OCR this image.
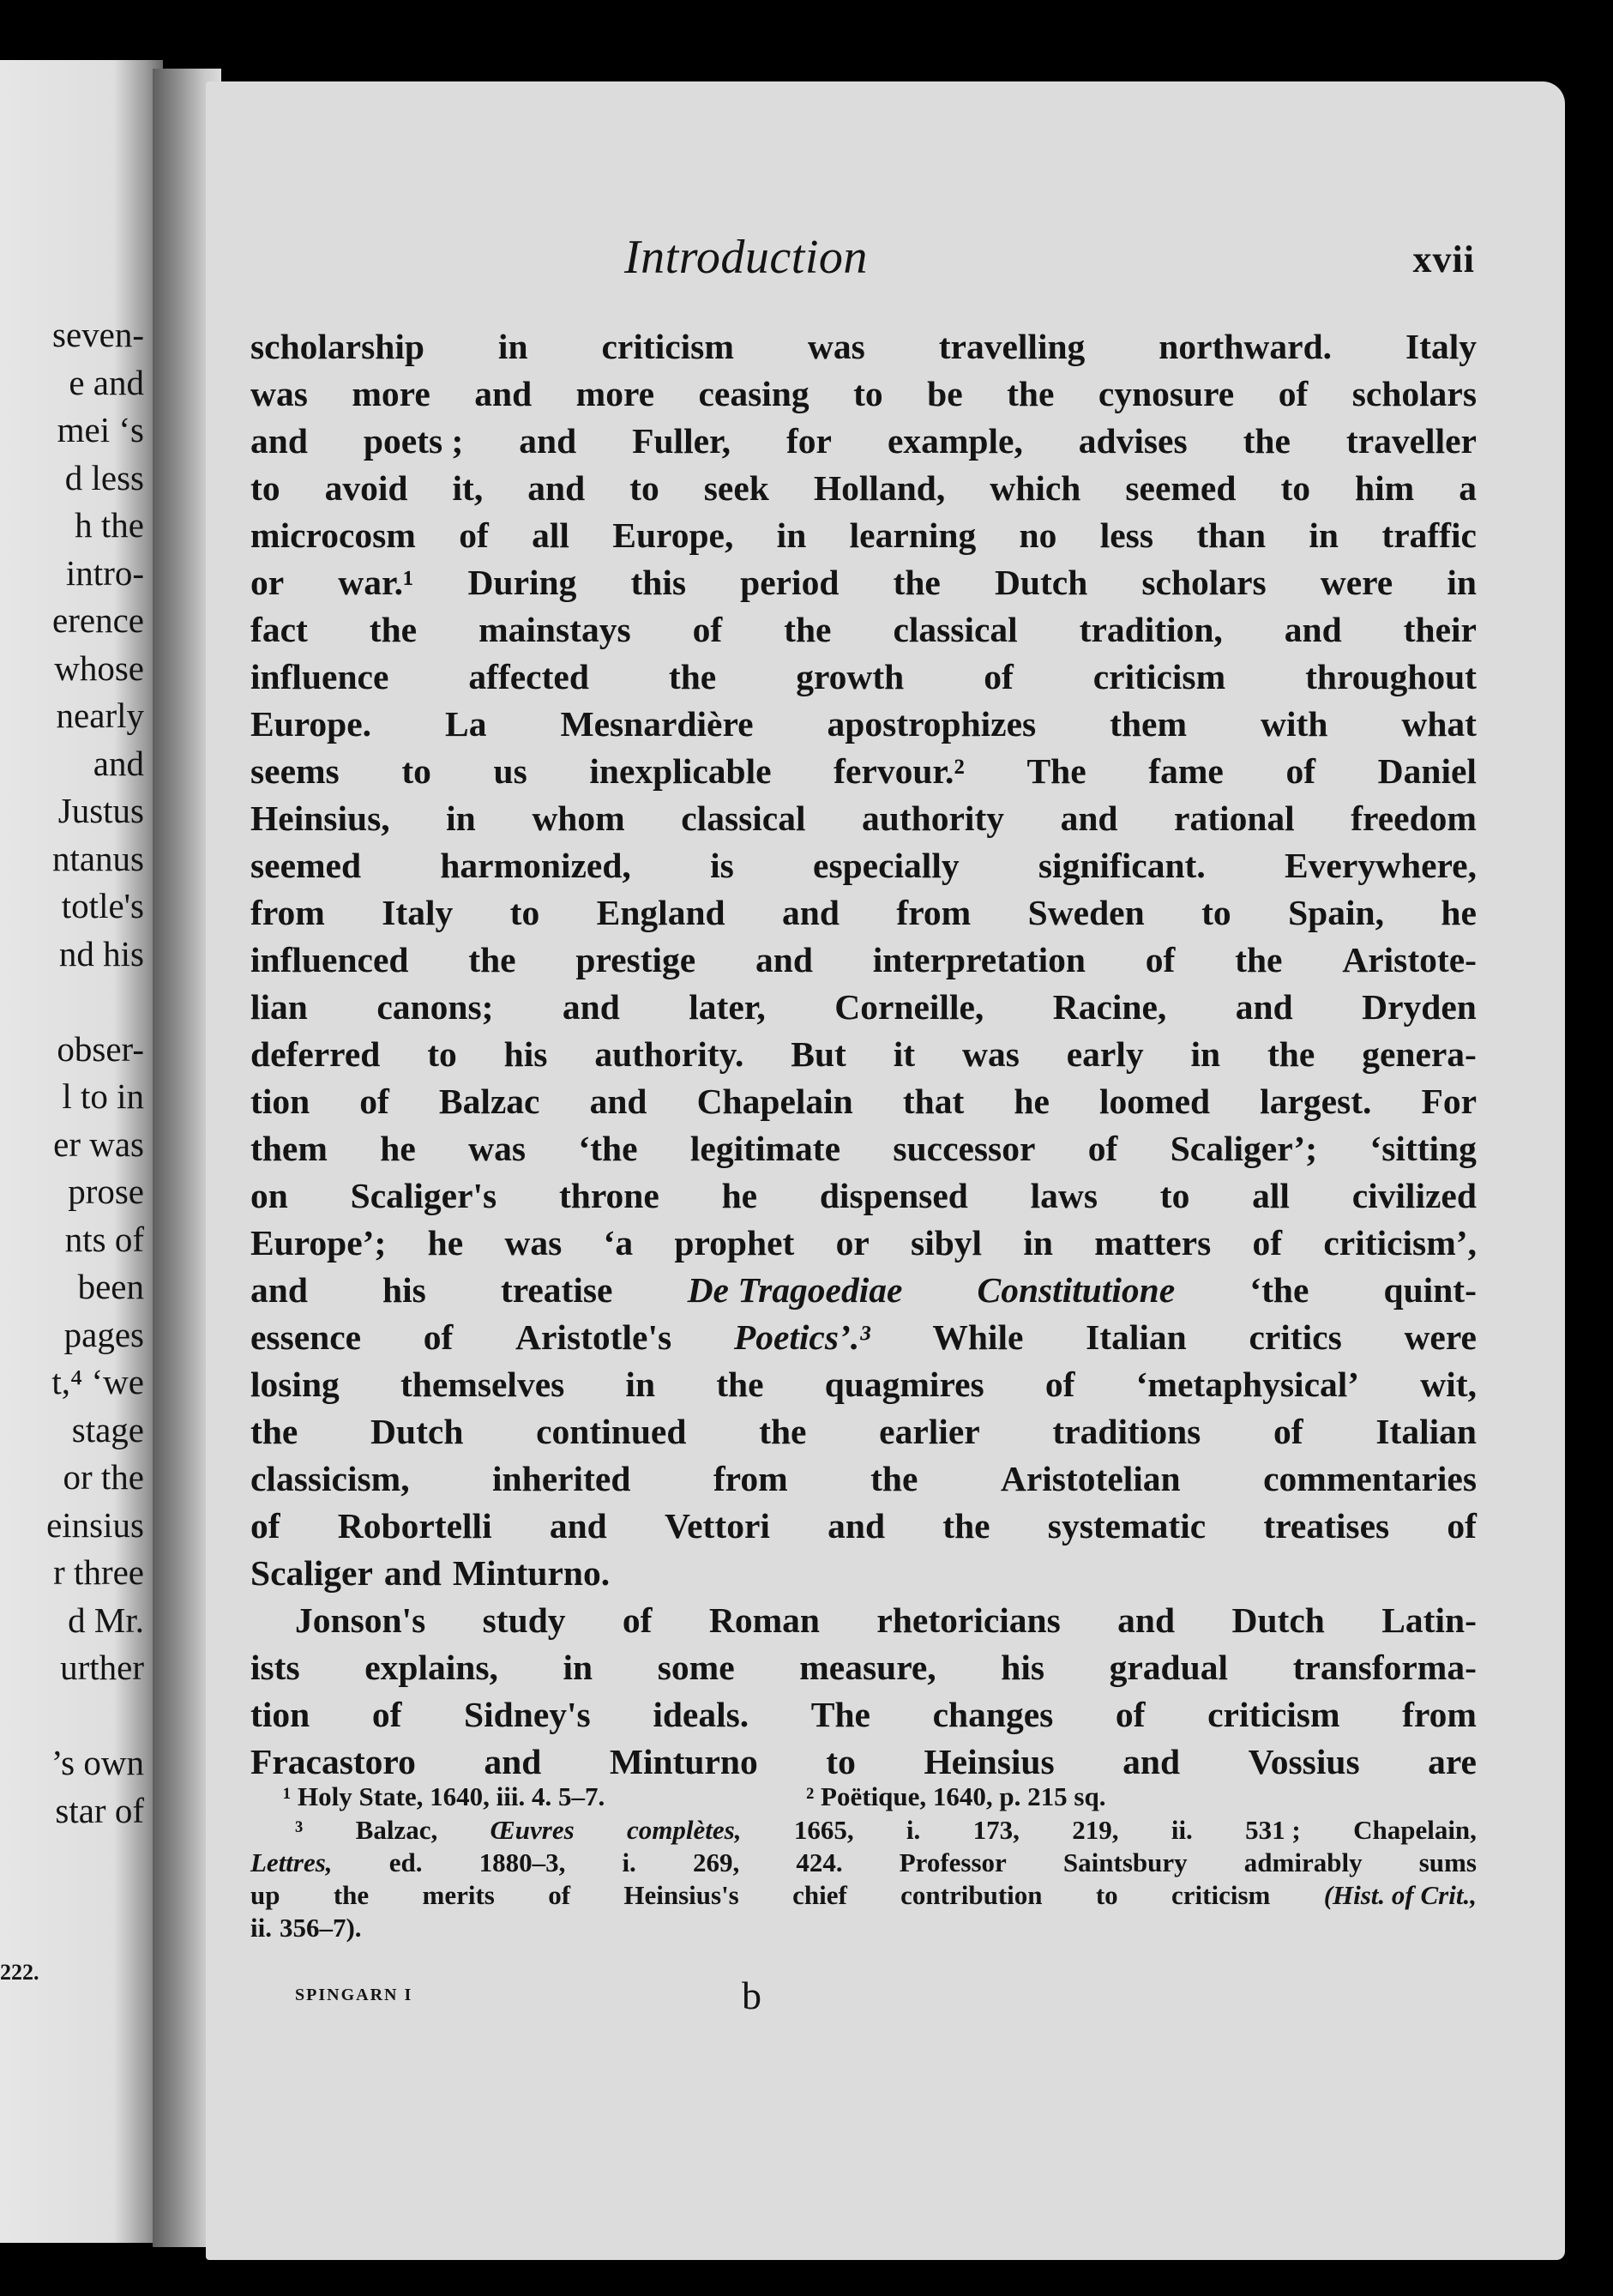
seven-
e and
mei ‘s
d less
h the
intro-
erence
whose
nearly
and
Justus
ntanus
totle's
nd his
obser-
l to in
er was
prose
nts of
been
pages
t,⁴ ‘we
stage
or the
einsius
r three
d Mr.
urther
’s own
star of
222.
Introduction	xvii
scholarship in criticism was travelling northward. Italy
was more and more ceasing to be the cynosure of scholars
and poets ; and Fuller, for example, advises the traveller
to avoid it, and to seek Holland, which seemed to him a
microcosm of all Europe, in learning no less than in traffic
or war.¹ During this period the Dutch scholars were in
fact the mainstays of the classical tradition, and their
influence affected the growth of criticism throughout
Europe. La Mesnardière apostrophizes them with what
seems to us inexplicable fervour.² The fame of Daniel
Heinsius, in whom classical authority and rational freedom
seemed harmonized, is especially significant. Everywhere,
from Italy to England and from Sweden to Spain, he
influenced the prestige and interpretation of the Aristote-
lian canons; and later, Corneille, Racine, and Dryden
deferred to his authority. But it was early in the genera-
tion of Balzac and Chapelain that he loomed largest. For
them he was ‘the legitimate successor of Scaliger’; ‘sitting
on Scaliger's throne he dispensed laws to all civilized
Europe’; he was ‘a prophet or sibyl in matters of criticism’,
and his treatise De Tragoediae Constitutione ‘the quint-
essence of Aristotle's Poetics’.³ While Italian critics were
losing themselves in the quagmires of ‘metaphysical’ wit,
the Dutch continued the earlier traditions of Italian
classicism, inherited from the Aristotelian commentaries
of Robortelli and Vettori and the systematic treatises of
Scaliger and Minturno.
Jonson's study of Roman rhetoricians and Dutch Latin-
ists explains, in some measure, his gradual transforma-
tion of Sidney's ideals. The changes of criticism from
Fracastoro and Minturno to Heinsius and Vossius are
¹ Holy State, 1640, iii. 4. 5–7.	² Poëtique, 1640, p. 215 sq.
³ Balzac, Œuvres complètes, 1665, i. 173, 219, ii. 531 ; Chapelain,
Lettres, ed. 1880–3, i. 269, 424. Professor Saintsbury admirably sums
up the merits of Heinsius's chief contribution to criticism (Hist. of Crit.,
ii. 356–7).
SPINGARN I	b
